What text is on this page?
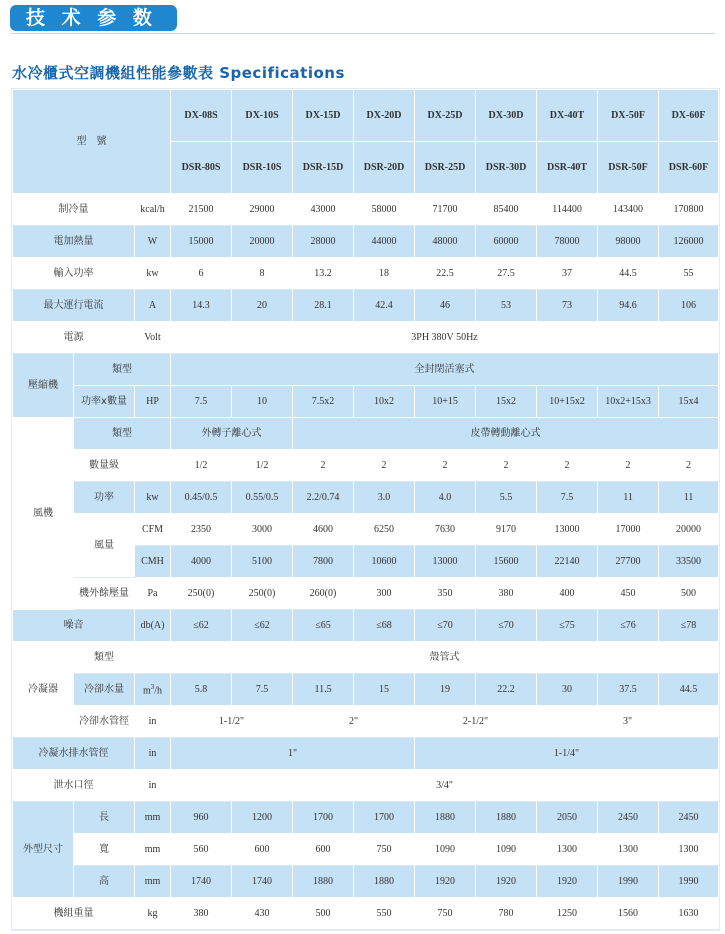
技 术 参 数
水冷櫃式空調機組性能參數表 Specifications
型　號			DX-08S	DX-10S	DX-15D	DX-20D	DX-25D	DX-30D	DX-40T	DX-50F	DX-60F
			DSR-80S	DSR-10S	DSR-15D	DSR-20D	DSR-25D	DSR-30D	DSR-40T	DSR-50F	DSR-60F
制冷量		kcal/h	21500	29000	43000	58000	71700	85400	114400	143400	170800
電加熱量		W	15000	20000	28000	44000	48000	60000	78000	98000	126000
輸入功率		kw	6	8	13.2	18	22.5	27.5	37	44.5	55
最大運行電流		A	14.3	20	28.1	42.4	46	53	73	94.6	106
電源		Volt	3PH 380V 50Hz								
壓縮機	類型		全封閉活塞式								
	功率x數量	HP	7.5	10	7.5x2	10x2	10+15	15x2	10+15x2	10x2+15x3	15x4
風機	類型		外轉子離心式		皮帶轉動離心式						
	數量級		1/2	1/2	2	2	2	2	2	2	2
	功率	kw	0.45/0.5	0.55/0.5	2.2/0.74	3.0	4.0	5.5	7.5	11	11
	風量	CFM	2350	3000	4600	6250	7630	9170	13000	17000	20000
		CMH	4000	5100	7800	10600	13000	15600	22140	27700	33500
	機外餘壓量	Pa	250(0)	250(0)	260(0)	300	350	380	400	450	500
噪音		db(A)	≤62	≤62	≤65	≤68	≤70	≤70	≤75	≤76	≤78
冷凝器	類型		殼管式								
	冷卻水量	$m^3/h$	5.8	7.5	11.5	15	19	22.2	30	37.5	44.5
	冷卻水管徑	in	1-1/2"		2"		2-1/2"		3"		
冷凝水排水管徑		in	1"				1-1/4"				
泄水口徑		in	3/4"								
外型尺寸	長	mm	960	1200	1700	1700	1880	1880	2050	2450	2450
	寬	mm	560	600	600	750	1090	1090	1300	1300	1300
	高	mm	1740	1740	1880	1880	1920	1920	1920	1990	1990
機組重量		kg	380	430	500	550	750	780	1250	1560	1630
